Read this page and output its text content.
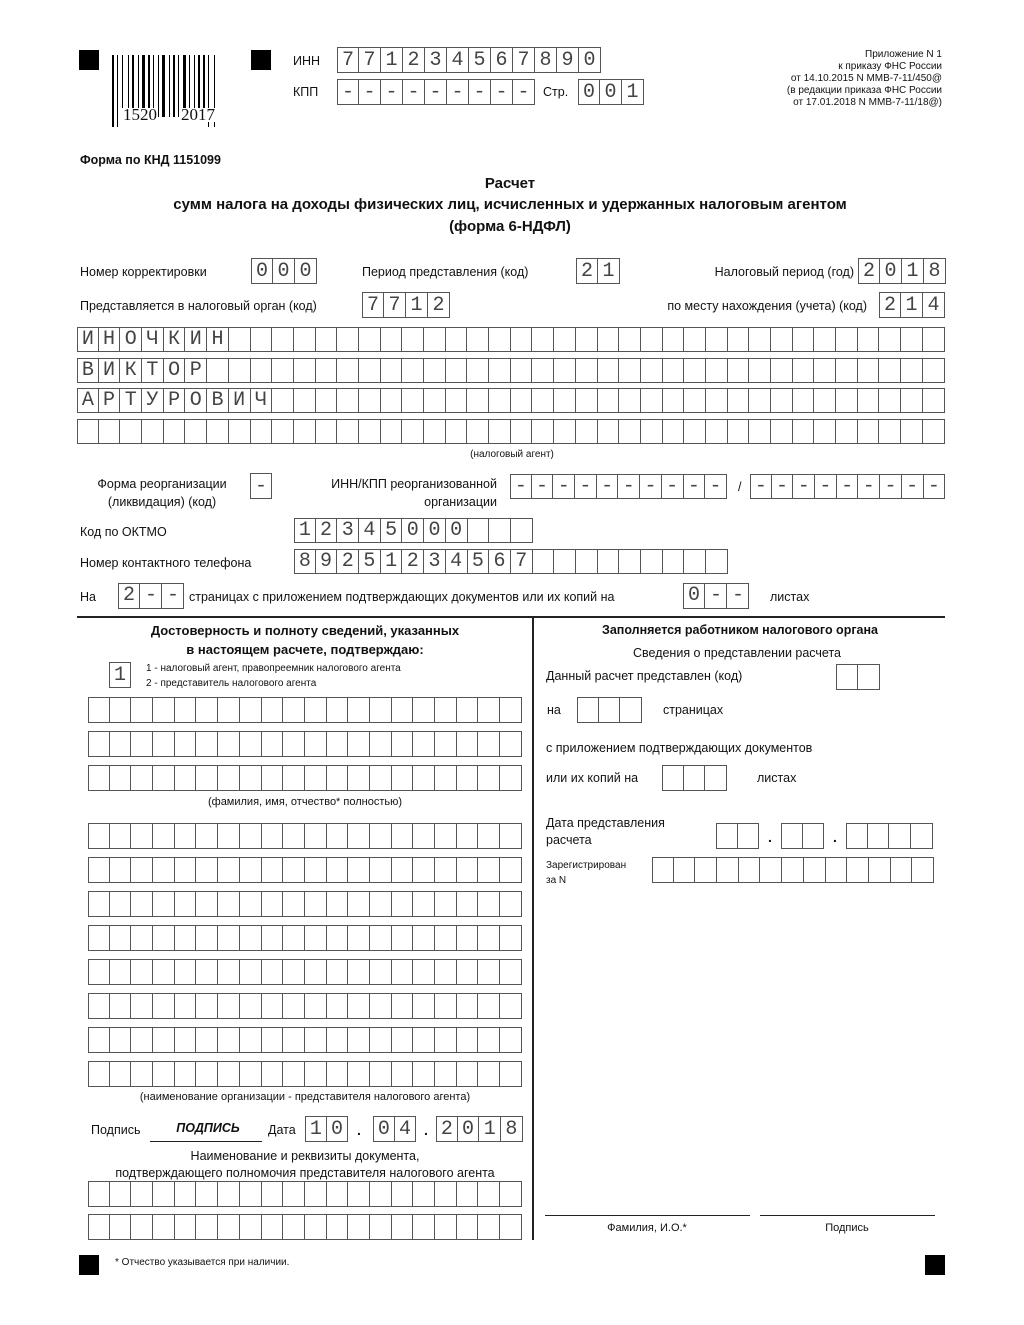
1520 2017
ИНН 7 7 1 2 3 4 5 6 7 8 9 0
КПП - - - - - - - - -	Стр. 0 0 1
Приложение N 1
к приказу ФНС России
от 14.10.2015 N ММВ-7-11/450@
(в редакции приказа ФНС России
от 17.01.2018 N ММВ-7-11/18@)
Форма по КНД 1151099
Расчет
сумм налога на доходы физических лиц, исчисленных и удержанных налоговым агентом
(форма 6-НДФЛ)
Номер корректировки 0 0 0	Период представления (код)	2 1	Налоговый период (год) 2 0 1 8
Представляется в налоговый орган (код)	7 7 1 2	по месту нахождения (учета) (код) 2 1 4
И Н О Ч К И Н
В И К Т О Р
А Р Т У Р О В И Ч
(налоговый агент)
Форма реорганизации
(ликвидация) (код)
-	ИНН/КПП реорганизованной
организации
- - - - - - - - - -	/ - - - - - - - - -
Код по ОКТМО	1 2 3 4 5 0 0 0
Номер контактного телефона 8 9 2 5 1 2 3 4 5 6 7
На 2-- страницах с приложением подтверждающих документов или их копий на	0-- листах
Достоверность и полноту сведений, указанных
в настоящем расчете, подтверждаю:
1	1 - налоговый агент, правопреемник налогового агента
2 - представитель налогового агента
(фамилия, имя, отчество* полностью)
(наименование организации - представителя налогового агента)
Подпись	ПОДПИСЬ Дата 1 0 . 0 4 . 2 0 1 8
Наименование и реквизиты документа,
подтверждающего полномочия представителя налогового агента
Заполняется работником налогового органа
Сведения о представлении расчета
Данный расчет представлен (код)
на	страницах
с приложением подтверждающих документов
или их копий на	листах
Дата представления
расчета	.	.
Зарегистрирован
за N
Фамилия, И.О.*	Подпись
* Отчество указывается при наличии.
